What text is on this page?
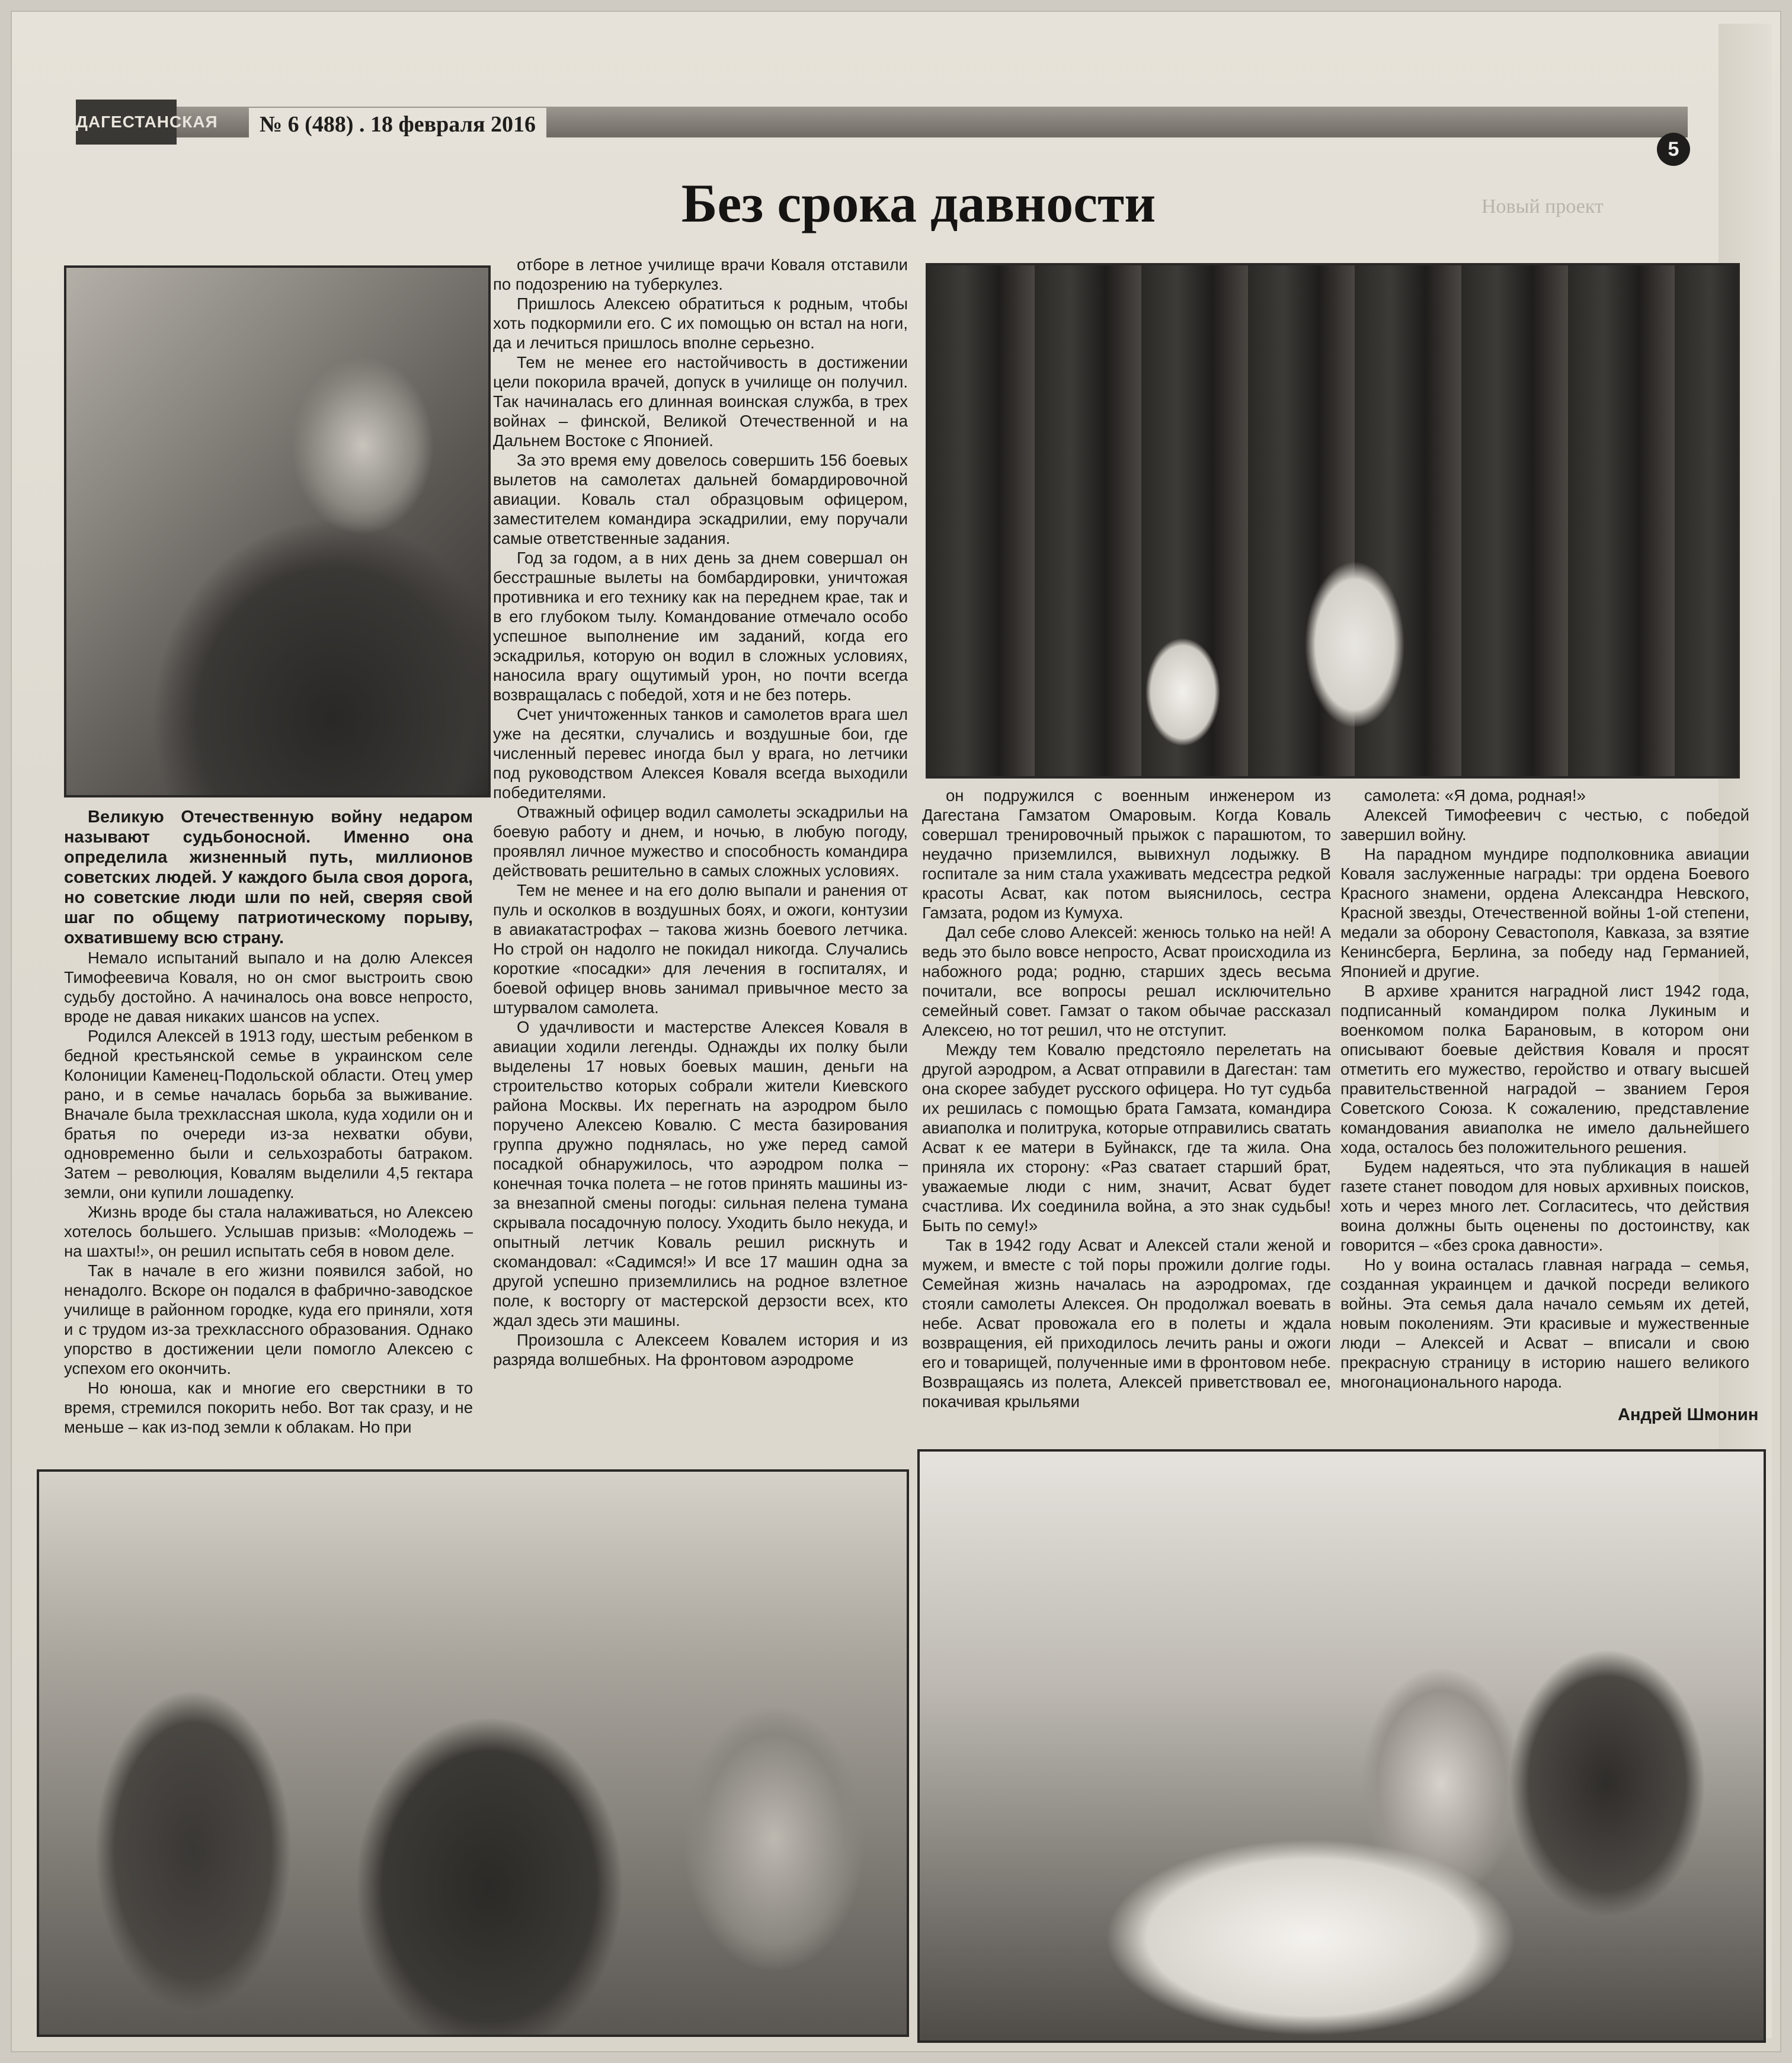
ДАГЕСТАНСКАЯ	№ 6 (488) . 18 февраля 2016
5
Новый проект
Без срока давности

Великую Отечественную войну недаром называют судьбоносной. Именно она определила жизненный путь, миллионов советских людей. У каждого была своя дорога, но советские люди шли по ней, сверяя свой шаг по общему патриотическому порыву, охватившему всю страну.

Немало испытаний выпало и на долю Алексея Тимофеевича Коваля, но он смог выстроить свою судьбу достойно. А начиналось она вовсе непросто, вроде не давая никаких шансов на успех.

Родился Алексей в 1913 году, шестым ребенком в бедной крестьянской семье в украинском селе Колониции Каменец-Подольской области. Отец умер рано, и в семье началась борьба за выживание. Вначале была трехклассная школа, куда ходили он и братья по очереди из-за нехватки обуви, одновременно были и сельхозработы батраком. Затем – революция, Ковалям выделили 4,5 гектара земли, они купили лошадenку.

Жизнь вроде бы стала налаживаться, но Алексею хотелось большего. Услышав призыв: «Молодежь – на шахты!», он решил испытать себя в новом деле.

Так в начале в его жизни появился забой, но ненадолго. Вскоре он подался в фабрично-заводское училище в районном городке, куда его приняли, хотя и с трудом из-за трехклассного образования. Однако упорство в достижении цели помогло Алексею с успехом его окончить.

Но юноша, как и многие его сверстники в то время, стремился покорить небо. Вот так сразу, и не меньше – как из-под земли к облакам. Но при

отборе в летное училище врачи Коваля отставили по подозрению на туберкулез.

Пришлось Алексею обратиться к родным, чтобы хоть подкормили его. С их помощью он встал на ноги, да и лечиться пришлось вполне серьезно.

Тем не менее его настойчивость в достижении цели покорила врачей, допуск в училище он получил. Так начиналась его длинная воинская служба, в трех войнах – финской, Великой Отечественной и на Дальнем Востоке с Японией.

За это время ему довелось совершить 156 боевых вылетов на самолетах дальней бомардировочной авиации. Коваль стал образцовым офицером, заместителем командира эскадрилии, ему поручали самые ответственные задания.

Год за годом, а в них день за днем совершал он бесстрашные вылеты на бомбардировки, уничтожая противника и его технику как на переднем крае, так и в его глубоком тылу. Командование отмечало особо успешное выполнение им заданий, когда его эскадрилья, которую он водил в сложных условиях, наносила врагу ощутимый урон, но почти всегда возвращалась с победой, хотя и не без потерь.

Счет уничтоженных танков и самолетов врага шел уже на десятки, случались и воздушные бои, где численный перевес иногда был у врага, но летчики под руководством Алексея Коваля всегда выходили победителями.

Отважный офицер водил самолеты эскадрильи на боевую работу и днем, и ночью, в любую погоду, проявлял личное мужество и способность командира действовать решительно в самых сложных условиях.

Тем не менее и на его долю выпали и ранения от пуль и осколков в воздушных боях, и ожоги, контузии в авиакатастрофах – такова жизнь боевого летчика. Но строй он надолго не покидал никогда. Случались короткие «посадки» для лечения в госпиталях, и боевой офицер вновь занимал привычное место за штурвалом самолета.

О удачливости и мастерстве Алексея Коваля в авиации ходили легенды. Однажды их полку были выделены 17 новых боевых машин, деньги на строительство которых собрали жители Киевского района Москвы. Их перегнать на аэродром было поручено Алексею Ковалю. С места базирования группа дружно поднялась, но уже перед самой посадкой обнаружилось, что аэродром полка – конечная точка полета – не готов принять машины из-за внезапной смены погоды: сильная пелена тумана скрывала посадочную полосу. Уходить было некуда, и опытный летчик Коваль решил рискнуть и скомандовал: «Садимся!» И все 17 машин одна за другой успешно приземлились на родное взлетное поле, к восторгу от мастерской дерзости всех, кто ждал здесь эти машины.

Произошла с Алексеем Ковалем история и из разряда волшебных. На фронтовом аэродроме

он подружился с военным инженером из Дагестана Гамзатом Омаровым. Когда Коваль совершал тренировочный прыжок с парашютом, то неудачно приземлился, вывихнул лодыжку. В госпитале за ним стала ухаживать медсестра редкой красоты Асват, как потом выяснилось, сестра Гамзата, родом из Кумуха.

Дал себе слово Алексей: женюсь только на ней! А ведь это было вовсе непросто, Асват происходила из набожного рода; родню, старших здесь весьма почитали, все вопросы решал исключительно семейный совет. Гамзат о таком обычае рассказал Алексею, но тот решил, что не отступит.

Между тем Ковалю предстояло перелетать на другой аэродром, а Асват отправили в Дагестан: там она скорее забудет русского офицера. Но тут судьба их решилась с помощью брата Гамзата, командира авиаполка и политрука, которые отправились сватать Асват к ее матери в Буйнакск, где та жила. Она приняла их сторону: «Раз сватает старший брат, уважаемые люди с ним, значит, Асват будет счастлива. Их соединила война, а это знак судьбы! Быть по сему!»

Так в 1942 году Асват и Алексей стали женой и мужем, и вместе с той поры прожили долгие годы. Семейная жизнь началась на аэродромах, где стояли самолеты Алексея. Он продолжал воевать в небе. Асват провожала его в полеты и ждала возвращения, ей приходилось лечить раны и ожоги его и товарищей, полученные ими в фронтовом небе. Возвращаясь из полета, Алексей приветствовал ее, покачивая крыльями

самолета: «Я дома, родная!»

Алексей Тимофеевич с честью, с победой завершил войну.

На парадном мундире подполковника авиации Коваля заслуженные награды: три ордена Боевого Красного знамени, ордена Александра Невского, Красной звезды, Отечественной войны 1-ой степени, медали за оборону Севастополя, Кавказа, за взятие Кенинсберга, Берлина, за победу над Германией, Японией и другие.

В архиве хранится наградной лист 1942 года, подписанный командиром полка Лукиным и военкомом полка Барановым, в котором они описывают боевые действия Коваля и просят отметить его мужество, геройство и отвагу высшей правительственной наградой – званием Героя Советского Союза. К сожалению, представление командования авиаполка не имело дальнейшего хода, осталось без положительного решения.

Будем надеяться, что эта публикация в нашей газете станет поводом для новых архивных поисков, хоть и через много лет. Согласитесь, что действия воина должны быть оценены по достоинству, как говорится – «без срока давности».

Но у воина осталась главная награда – семья, созданная украинцем и дачкой посреди великого войны. Эта семья дала начало семьям их детей, новым поколениям. Эти красивые и мужественные люди – Алексей и Асват – вписали и свою прекрасную страницу в историю нашего великого многонационального народа.

Андрей Шмонин
